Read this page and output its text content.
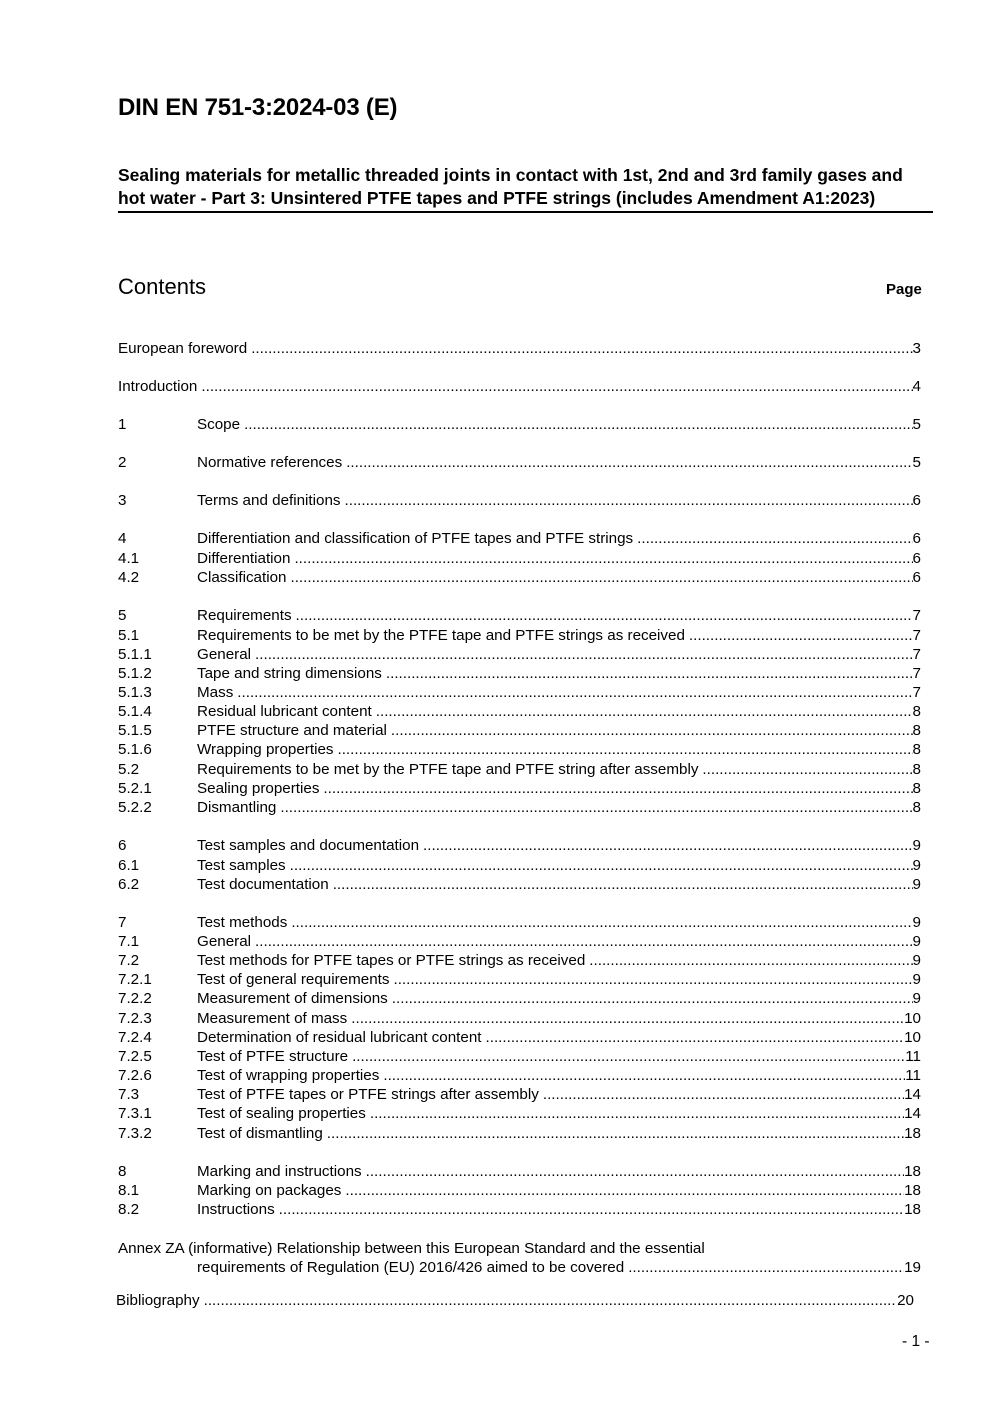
DIN EN 751-3:2024-03 (E)
Sealing materials for metallic threaded joints in contact with 1st, 2nd and 3rd family gases and hot water - Part 3: Unsintered PTFE tapes and PTFE strings (includes Amendment A1:2023)
Contents	Page
European foreword .....	3
Introduction .....	4
1	Scope .....	5
2	Normative references .....	5
3	Terms and definitions .....	6
4	Differentiation and classification of PTFE tapes and PTFE strings .....	6
4.1	Differentiation .....	6
4.2	Classification .....	6
5	Requirements .....	7
5.1	Requirements to be met by the PTFE tape and PTFE strings as received .....	7
5.1.1	General .....	7
5.1.2	Tape and string dimensions .....	7
5.1.3	Mass .....	7
5.1.4	Residual lubricant content .....	8
5.1.5	PTFE structure and material .....	8
5.1.6	Wrapping properties .....	8
5.2	Requirements to be met by the PTFE tape and PTFE string after assembly .....	8
5.2.1	Sealing properties .....	8
5.2.2	Dismantling .....	8
6	Test samples and documentation .....	9
6.1	Test samples .....	9
6.2	Test documentation .....	9
7	Test methods .....	9
7.1	General .....	9
7.2	Test methods for PTFE tapes or PTFE strings as received .....	9
7.2.1	Test of general requirements .....	9
7.2.2	Measurement of dimensions .....	9
7.2.3	Measurement of mass .....	10
7.2.4	Determination of residual lubricant content .....	10
7.2.5	Test of PTFE structure .....	11
7.2.6	Test of wrapping properties .....	11
7.3	Test of PTFE tapes or PTFE strings after assembly .....	14
7.3.1	Test of sealing properties .....	14
7.3.2	Test of dismantling .....	18
8	Marking and instructions .....	18
8.1	Marking on packages .....	18
8.2	Instructions .....	18
Annex ZA (informative) Relationship between this European Standard and the essential
requirements of Regulation (EU) 2016/426 aimed to be covered .....	19
Bibliography .....	20
- 1 -
